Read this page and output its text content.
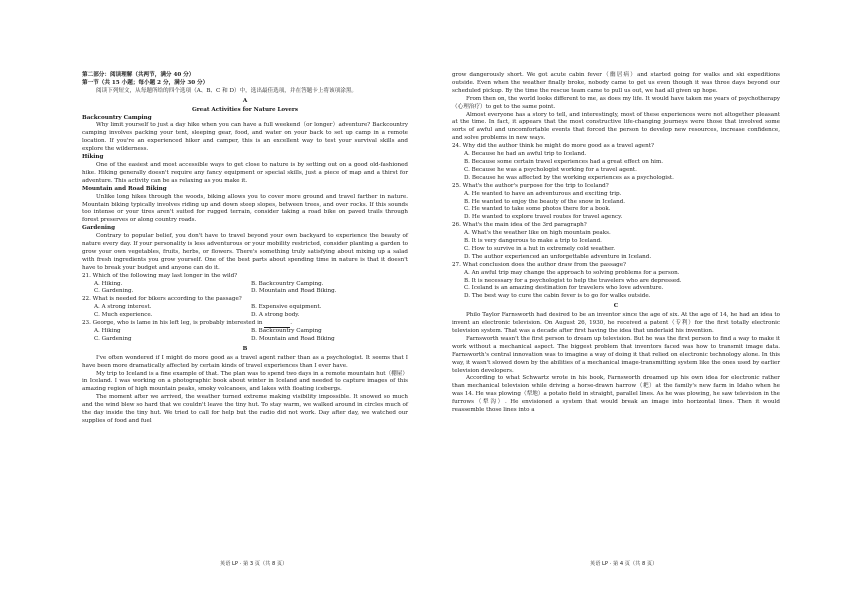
第二部分：阅读理解（共两节，满分 40 分）

第一节（共 15 小题；每小题 2 分，满分 30 分）

阅读下列短文，从每题所给的四个选项（A、B、C 和 D）中，选出最佳选项，并在答题卡上将该项涂黑。

A

Great Activities for Nature Lovers

Backcountry Camping

Why limit yourself to just a day hike when you can have a full weekend（or longer）adventure? Backcountry camping involves packing your tent, sleeping gear, food, and water on your back to set up camp in a remote location. If you're an experienced hiker and camper, this is an excellent way to test your survival skills and explore the wilderness.

Hiking

One of the easiest and most accessible ways to get close to nature is by setting out on a good old-fashioned hike. Hiking generally doesn't require any fancy equipment or special skills, just a piece of map and a thirst for adventure. This activity can be as relaxing as you make it.

Mountain and Road Biking

Unlike long hikes through the woods, biking allows you to cover more ground and travel farther in nature. Mountain biking typically involves riding up and down steep slopes, between trees, and over rocks. If this sounds too intense or your tires aren't suited for rugged terrain, consider taking a road bike on paved trails through forest preserves or along country roads.

Gardening

Contrary to popular belief, you don't have to travel beyond your own backyard to experience the beauty of nature every day. If your personality is less adventurous or your mobility restricted, consider planting a garden to grow your own vegetables, fruits, herbs, or flowers. There's something truly satisfying about mixing up a salad with fresh ingredients you grow yourself. One of the best parts about spending time in nature is that it doesn't have to break your budget and anyone can do it.

21. Which of the following may last longer in the wild?

A. Hiking.	B. Backcountry Camping.
C. Gardening.	D. Mountain and Road Biking.

22. What is needed for bikers according to the passage?

A. A strong interest.	B. Expensive equipment.
C. Much experience.	D. A strong body.

23. George, who is lame in his left leg, is probably interested in	.

A. Hiking	B. Backcountry Camping
C. Gardening	D. Mountain and Road Biking

B

I've often wondered if I might do more good as a travel agent rather than as a psychologist. It seems that I have been more dramatically affected by certain kinds of travel experiences than I ever have.

My trip to Iceland is a fine example of that. The plan was to spend two days in a remote mountain hut（棚屋）in Iceland. I was working on a photographic book about winter in Iceland and needed to capture images of this amazing region of high mountain peaks, smoky volcanoes, and lakes with floating icebergs.

The moment after we arrived, the weather turned extreme making visibility impossible. It snowed so much and the wind blew so hard that we couldn't leave the tiny hut. To stay warm, we walked around in circles much of the day inside the tiny hut. We tried to call for help but the radio did not work. Day after day, we watched our supplies of food and fuel

grow dangerously short. We got acute cabin fever（幽居病）and started going for walks and ski expeditions outside. Even when the weather finally broke, nobody came to get us even though it was three days beyond our scheduled pickup. By the time the rescue team came to pull us out, we had all given up hope.

From then on, the world looks different to me, as does my life. It would have taken me years of psychotherapy（心理治疗）to get to the same point.

Almost everyone has a story to tell, and interestingly, most of these experiences were not altogether pleasant at the time. In fact, it appears that the most constructive life-changing journeys were those that involved some sorts of awful and uncomfortable events that forced the person to develop new resources, increase confidence, and solve problems in new ways.

24. Why did the author think he might do more good as a travel agent?

A. Because he had an awful trip to Iceland.

B. Because some certain travel experiences had a great effect on him.

C. Because he was a psychologist working for a travel agent.

D. Because he was affected by the working experiences as a psychologist.

25. What's the author's purpose for the trip to Iceland?

A. He wanted to have an adventurous and exciting trip.

B. He wanted to enjoy the beauty of the snow in Iceland.

C. He wanted to take some photos there for a book.

D. He wanted to explore travel routes for travel agency.

26. What's the main idea of the 3rd paragraph?

A. What's the weather like on high mountain peaks.

B. It is very dangerous to make a trip to Iceland.

C. How to survive in a hut in extremely cold weather.

D. The author experienced an unforgettable adventure in Iceland.

27. What conclusion does the author draw from the passage?

A. An awful trip may change the approach to solving problems for a person.

B. It is necessary for a psychologist to help the travelers who are depressed.

C. Iceland is an amazing destination for travelers who love adventure.

D. The best way to cure the cabin fever is to go for walks outside.

C

Philo Taylor Farnsworth had desired to be an inventor since the age of six. At the age of 14, he had an idea to invent an electronic television. On August 26, 1930, he received a patent（专利）for the first totally electronic television system. That was a decade after first having the idea that underlaid his invention.

Farnsworth wasn't the first person to dream up television. But he was the first person to find a way to make it work without a mechanical aspect. The biggest problem that inventors faced was how to transmit image data. Farnsworth's central innovation was to imagine a way of doing it that relied on electronic technology alone. In this way, it wasn't slowed down by the abilities of a mechanical image-transmitting system like the ones used by earlier television developers.

According to what Schwartz wrote in his book, Farnsworth dreamed up his own idea for electronic rather than mechanical television while driving a horse-drawn harrow（耙）at the family's new farm in Idaho when he was 14. He was plowing（犁地）a potato field in straight, parallel lines. As he was plowing, he saw television in the furrows（犁沟）. He envisioned a system that would break an image into horizontal lines. Then it would reassemble those lines into a

英语 LP · 第 3 页（共 8 页）	英语 LP · 第 4 页（共 8 页）
